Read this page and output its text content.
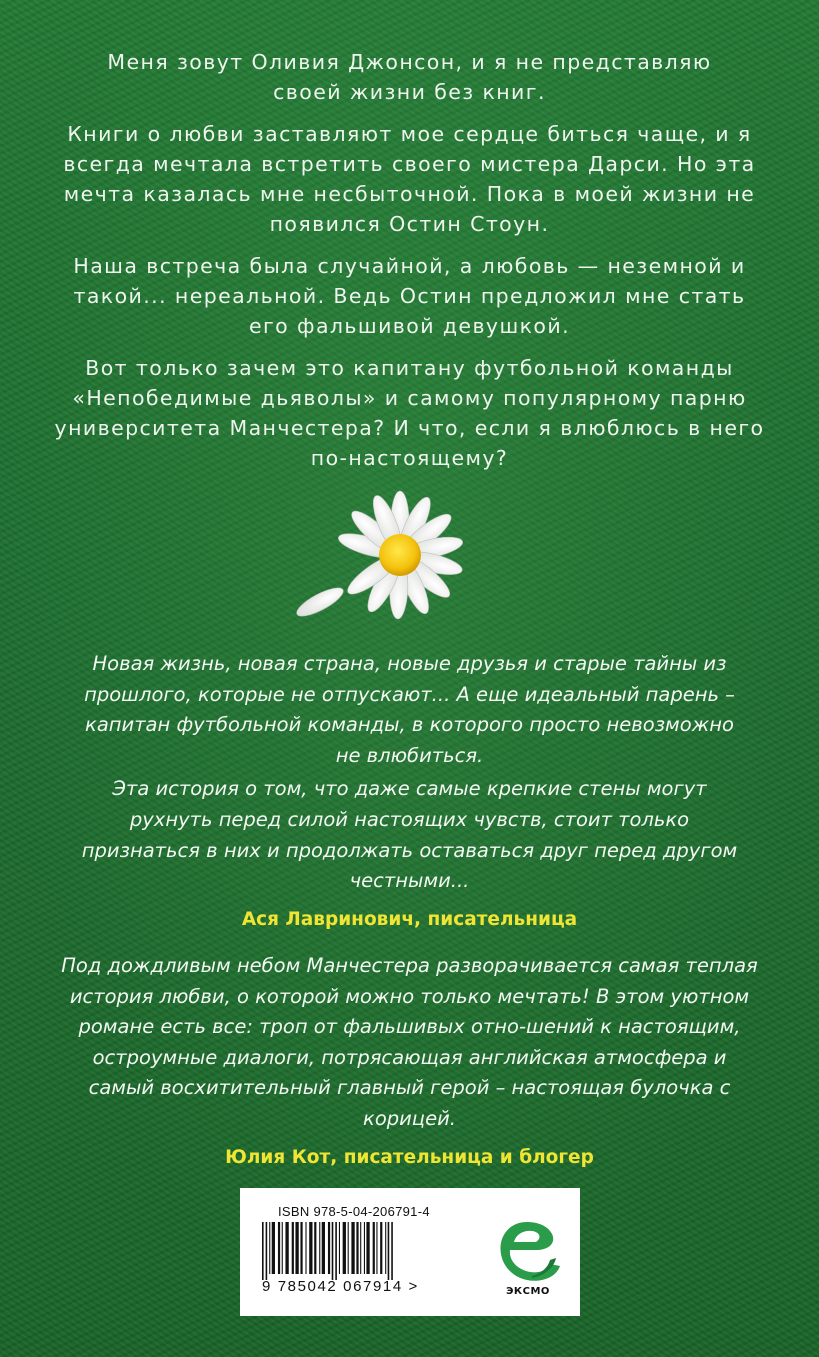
Меня зовут Оливия Джонсон, и я не представляю своей жизни без книг.

Книги о любви заставляют мое сердце биться чаще, и я всегда мечтала встретить своего мистера Дарси. Но эта мечта казалась мне несбыточной. Пока в моей жизни не появился Остин Стоун.

Наша встреча была случайной, а любовь — неземной и такой... нереальной. Ведь Остин предложил мне стать его фальшивой девушкой.

Вот только зачем это капитану футбольной команды «Непобедимые дьяволы» и самому популярному парню университета Манчестера? И что, если я влюблюсь в него по-настоящему?

Новая жизнь, новая страна, новые друзья и старые тайны из прошлого, которые не отпускают... А еще идеальный парень – капитан футбольной команды, в которого просто невозможно не влюбиться.

Эта история о том, что даже самые крепкие стены могут рухнуть перед силой настоящих чувств, стоит только признаться в них и продолжать оставаться друг перед другом честными...

Ася Лавринович, писательница

Под дождливым небом Манчестера разворачивается самая теплая история любви, о которой можно только мечтать! В этом уютном романе есть все: троп от фальшивых отно-шений к настоящим, остроумные диалоги, потрясающая английская атмосфера и самый восхитительный главный герой – настоящая булочка с корицей.

Юлия Кот, писательница и блогер

ISBN 978-5-04-206791-4
9 785042 067914 >	ЭКСМО
